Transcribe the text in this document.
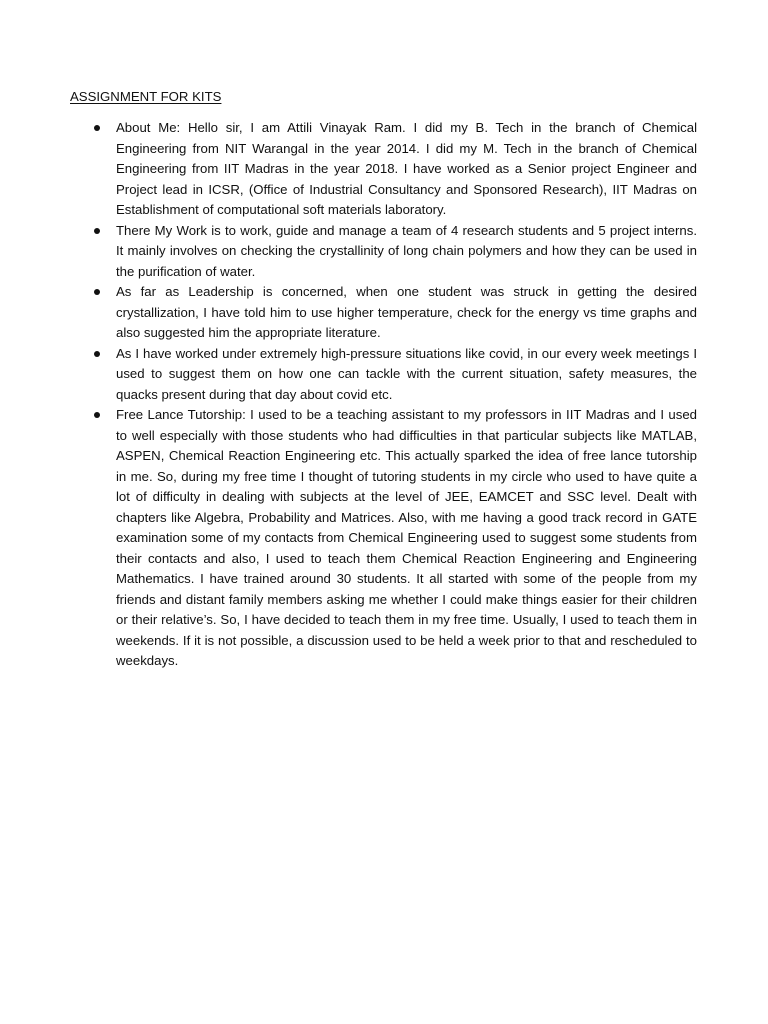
ASSIGNMENT FOR KITS
About Me: Hello sir, I am Attili Vinayak Ram. I did my B. Tech in the branch of Chemical Engineering from NIT Warangal in the year 2014. I did my M. Tech in the branch of Chemical Engineering from IIT Madras in the year 2018. I have worked as a Senior project Engineer and Project lead in ICSR, (Office of Industrial Consultancy and Sponsored Research), IIT Madras on Establishment of computational soft materials laboratory.
There My Work is to work, guide and manage a team of 4 research students and 5 project interns. It mainly involves on checking the crystallinity of long chain polymers and how they can be used in the purification of water.
As far as Leadership is concerned, when one student was struck in getting the desired crystallization, I have told him to use higher temperature, check for the energy vs time graphs and also suggested him the appropriate literature.
As I have worked under extremely high-pressure situations like covid, in our every week meetings I used to suggest them on how one can tackle with the current situation, safety measures, the quacks present during that day about covid etc.
Free Lance Tutorship: I used to be a teaching assistant to my professors in IIT Madras and I used to well especially with those students who had difficulties in that particular subjects like MATLAB, ASPEN, Chemical Reaction Engineering etc. This actually sparked the idea of free lance tutorship in me. So, during my free time I thought of tutoring students in my circle who used to have quite a lot of difficulty in dealing with subjects at the level of JEE, EAMCET and SSC level. Dealt with chapters like Algebra, Probability and Matrices. Also, with me having a good track record in GATE examination some of my contacts from Chemical Engineering used to suggest some students from their contacts and also, I used to teach them Chemical Reaction Engineering and Engineering Mathematics. I have trained around 30 students. It all started with some of the people from my friends and distant family members asking me whether I could make things easier for their children or their relative’s. So, I have decided to teach them in my free time. Usually, I used to teach them in weekends. If it is not possible, a discussion used to be held a week prior to that and rescheduled to weekdays.
